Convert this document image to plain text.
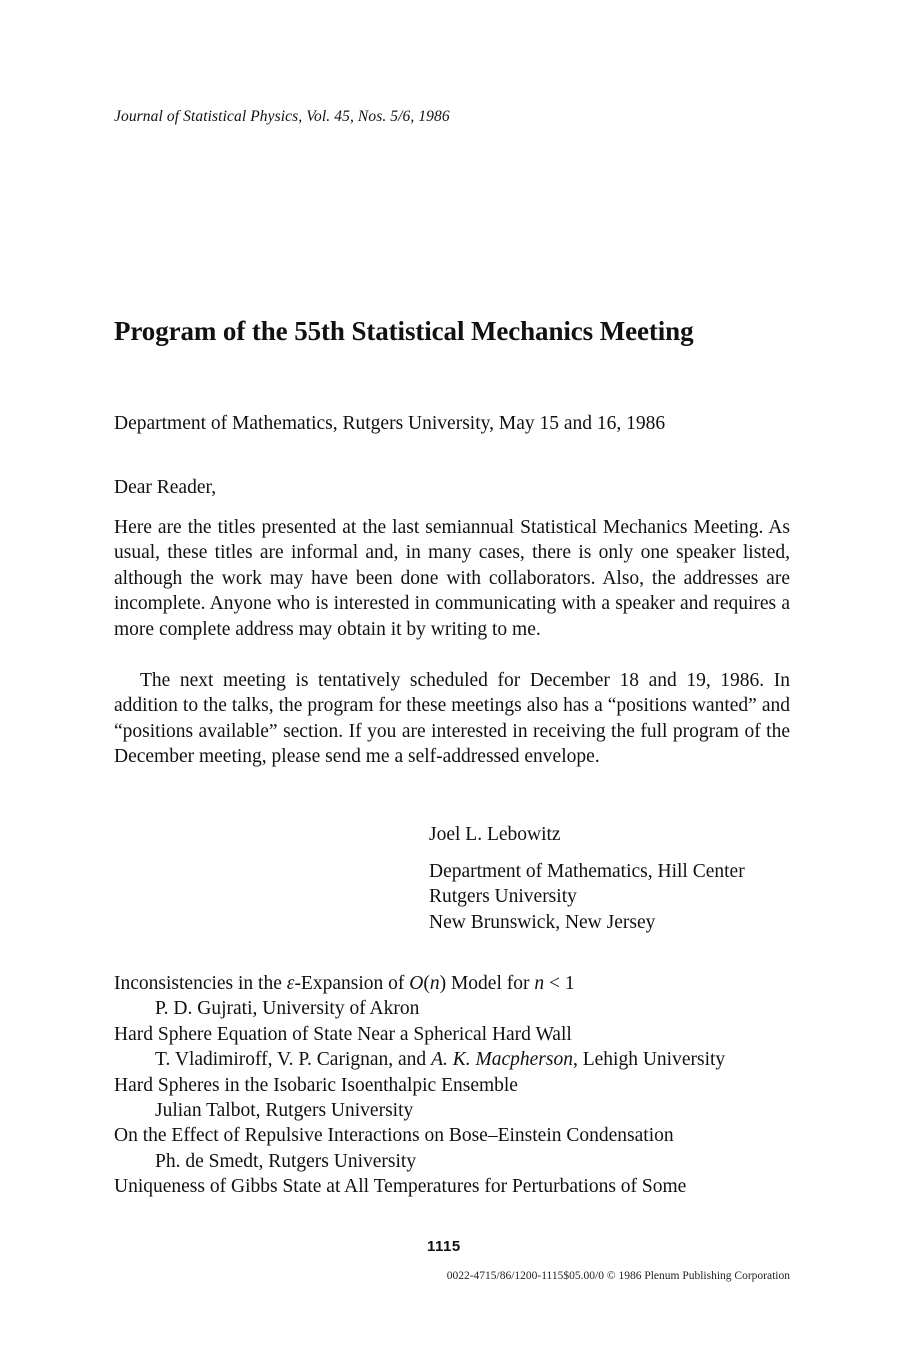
Journal of Statistical Physics, Vol. 45, Nos. 5/6, 1986
Program of the 55th Statistical Mechanics Meeting
Department of Mathematics, Rutgers University, May 15 and 16, 1986
Dear Reader,

Here are the titles presented at the last semiannual Statistical Mechanics Meeting. As usual, these titles are informal and, in many cases, there is only one speaker listed, although the work may have been done with collaborators. Also, the addresses are incomplete. Anyone who is interested in communicating with a speaker and requires a more complete address may obtain it by writing to me.

The next meeting is tentatively scheduled for December 18 and 19, 1986. In addition to the talks, the program for these meetings also has a “positions wanted” and “positions available” section. If you are interested in receiving the full program of the December meeting, please send me a self-addressed envelope.

Joel L. Lebowitz
Department of Mathematics, Hill Center
Rutgers University
New Brunswick, New Jersey
Inconsistencies in the ε-Expansion of O(n) Model for n < 1
P. D. Gujrati, University of Akron
Hard Sphere Equation of State Near a Spherical Hard Wall
T. Vladimiroff, V. P. Carignan, and A. K. Macpherson, Lehigh University
Hard Spheres in the Isobaric Isoenthalpic Ensemble
Julian Talbot, Rutgers University
On the Effect of Repulsive Interactions on Bose–Einstein Condensation
Ph. de Smedt, Rutgers University
Uniqueness of Gibbs State at All Temperatures for Perturbations of Some
1115
0022-4715/86/1200-1115$05.00/0 © 1986 Plenum Publishing Corporation
